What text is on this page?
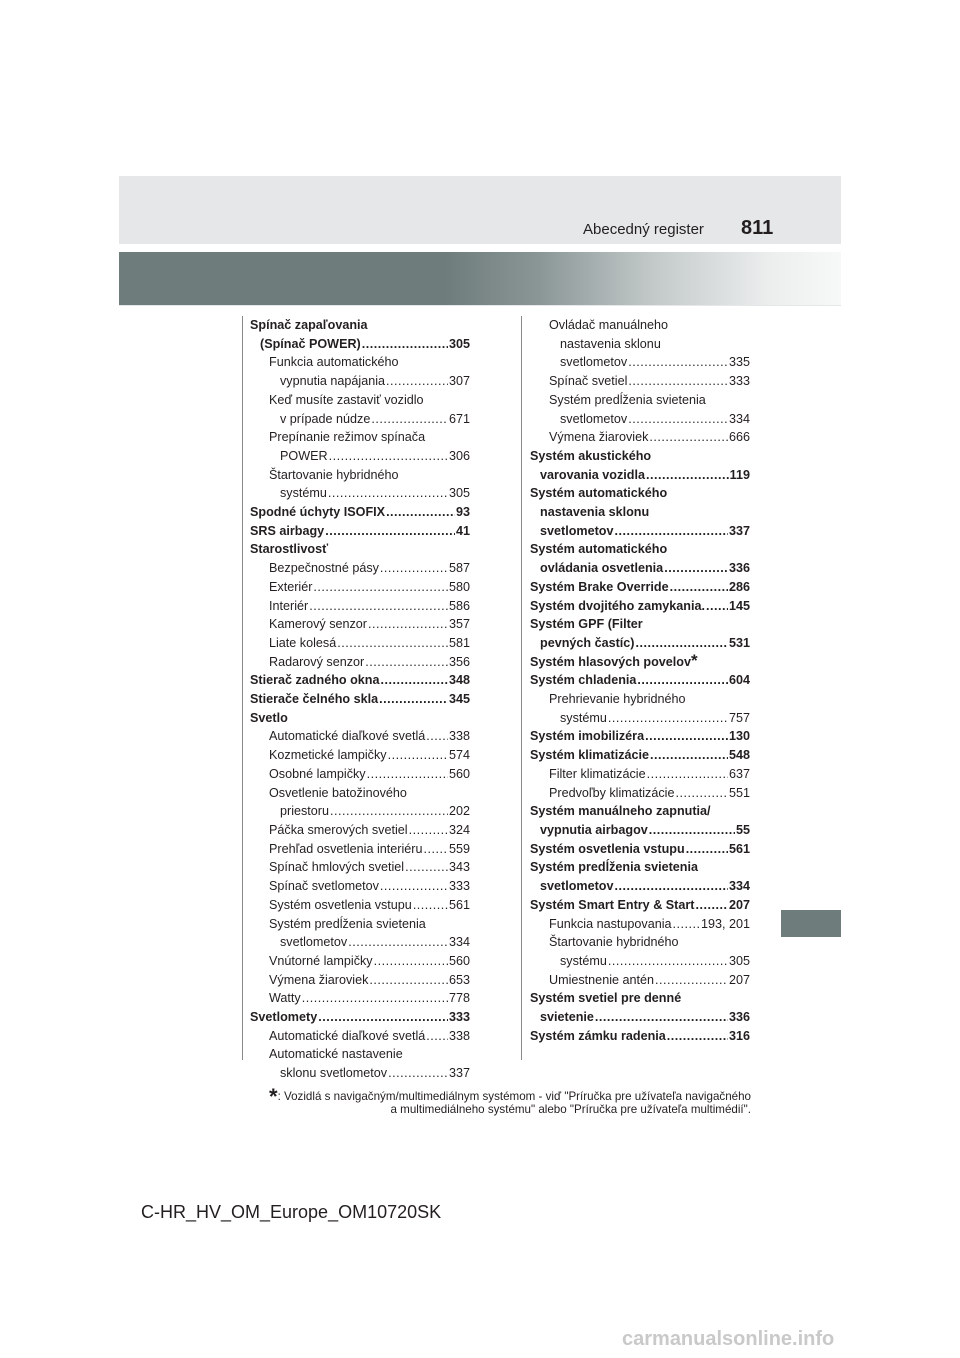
Abecedný register 811
Spínač zapaľovania
(Spínač POWER) .....	305
Funkcia automatického
vypnutia napájania .....	307
Keď musíte zastaviť vozidlo
v prípade núdze .....	671
Prepínanie režimov spínača
POWER .....	306
Štartovanie hybridného
systému .....	305
Spodné úchyty ISOFIX .....	93
SRS airbagy .....	41
Starostlivosť
Bezpečnostné pásy .....	587
Exteriér .....	580
Interiér .....	586
Kamerový senzor .....	357
Liate kolesá .....	581
Radarový senzor .....	356
Stierač zadného okna .....	348
Stierače čelného skla .....	345
Svetlo
Automatické diaľkové svetlá ..... 338
Kozmetické lampičky .....	574
Osobné lampičky .....	560
Osvetlenie batožinového
priestoru .....	202
Páčka smerových svetiel .....	324
Prehľad osvetlenia interiéru ..... 559
Spínač hmlových svetiel .....	343
Spínač svetlometov .....	333
Systém osvetlenia vstupu .....	561
Systém predĺženia svietenia
svetlometov .....	334
Vnútorné lampičky .....	560
Výmena žiaroviek .....	653
Watty .....	778
Svetlomety .....	333
Automatické diaľkové svetlá ..... 338
Automatické nastavenie
sklonu svetlometov .....	337
Ovládač manuálneho
nastavenia sklonu
svetlometov .....	335
Spínač svetiel .....	333
Systém predĺženia svietenia
svetlometov .....	334
Výmena žiaroviek .....	666
Systém akustického
varovania vozidla .....	119
Systém automatického
nastavenia sklonu
svetlometov .....	337
Systém automatického
ovládania osvetlenia .....	336
Systém Brake Override .....	286
Systém dvojitého zamykania. ..... 145
Systém GPF (Filter
pevných častíc) .....	531
Systém hlasových povelov *
Systém chladenia .....	604
Prehrievanie hybridného
systému .....	757
Systém imobilizéra .....	130
Systém klimatizácie .....	548
Filter klimatizácie .....	637
Predvoľby klimatizácie .....	551
Systém manuálneho zapnutia/
vypnutia airbagov .....	55
Systém osvetlenia vstupu .....	561
Systém predĺženia svietenia
svetlometov .....	334
Systém Smart Entry & Start .....	207
Funkcia nastupovania ..... 193, 201
Štartovanie hybridného
systému .....	305
Umiestnenie antén .....	207
Systém svetiel pre denné
svietenie .....	336
Systém zámku radenia .....	316
*: Vozidlá s navigačným/multimediálnym systémom - viď "Príručka pre užívateľa navigačného
a multimediálneho systému" alebo "Príručka pre užívateľa multimédií".
C-HR_HV_OM_Europe_OM10720SK
carmanualsonline.info
